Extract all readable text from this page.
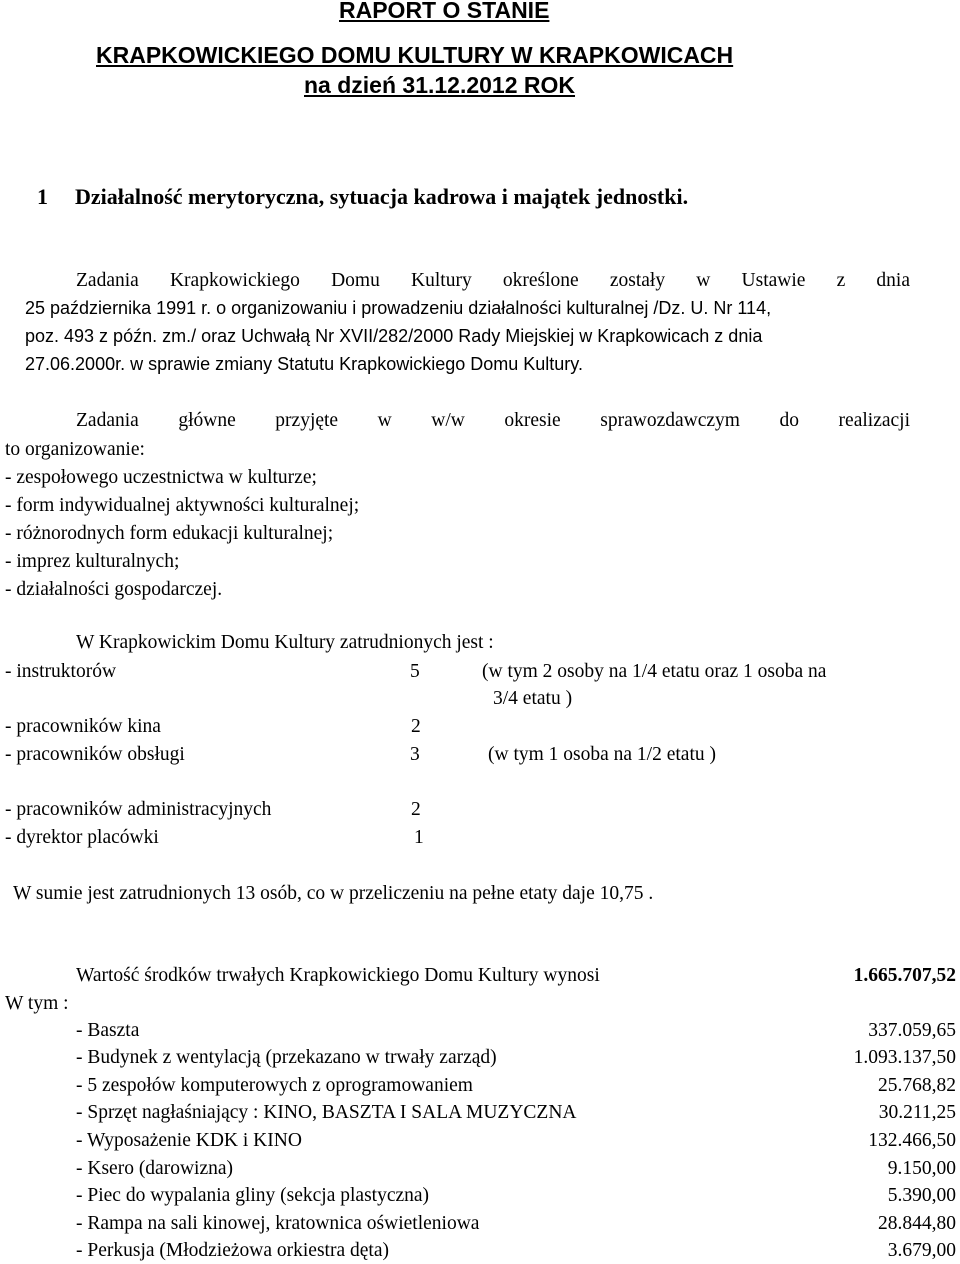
RAPORT O STANIE
KRAPKOWICKIEGO DOMU KULTURY W KRAPKOWICACH
na dzień 31.12.2012 ROK
1 Działalność merytoryczna, sytuacja kadrowa i majątek jednostki.
Zadania Krapkowickiego Domu Kultury określone zostały w Ustawie z dnia
25 października 1991 r. o organizowaniu i prowadzeniu działalności kulturalnej /Dz. U. Nr 114,
poz. 493 z późn. zm./ oraz Uchwałą Nr XVII/282/2000 Rady Miejskiej w Krapkowicach z dnia
27.06.2000r. w sprawie zmiany Statutu Krapkowickiego Domu Kultury.
Zadania główne przyjęte w w/w okresie sprawozdawczym do realizacji
to organizowanie:
- zespołowego uczestnictwa w kulturze;
- form indywidualnej aktywności kulturalnej;
- różnorodnych form edukacji kulturalnej;
- imprez kulturalnych;
- działalności gospodarczej.
W Krapkowickim Domu Kultury zatrudnionych jest :
- instruktorów	5	(w tym 2 osoby na 1/4 etatu oraz 1 osoba na
3/4 etatu )
- pracowników kina	2
- pracowników obsługi	3	(w tym 1 osoba na 1/2 etatu )
- pracowników administracyjnych	2
- dyrektor placówki	1
W sumie jest zatrudnionych 13 osób, co w przeliczeniu na pełne etaty daje 10,75 .
Wartość środków trwałych Krapkowickiego Domu Kultury wynosi	1.665.707,52
W tym :
- Baszta	337.059,65
- Budynek z wentylacją (przekazano w trwały zarząd)	1.093.137,50
- 5 zespołów komputerowych z oprogramowaniem	25.768,82
- Sprzęt nagłaśniający : KINO, BASZTA I SALA MUZYCZNA	30.211,25
- Wyposażenie KDK i KINO	132.466,50
- Ksero (darowizna)	9.150,00
- Piec do wypalania gliny (sekcja plastyczna)	5.390,00
- Rampa na sali kinowej, kratownica oświetleniowa	28.844,80
- Perkusja (Młodzieżowa orkiestra dęta)	3.679,00
